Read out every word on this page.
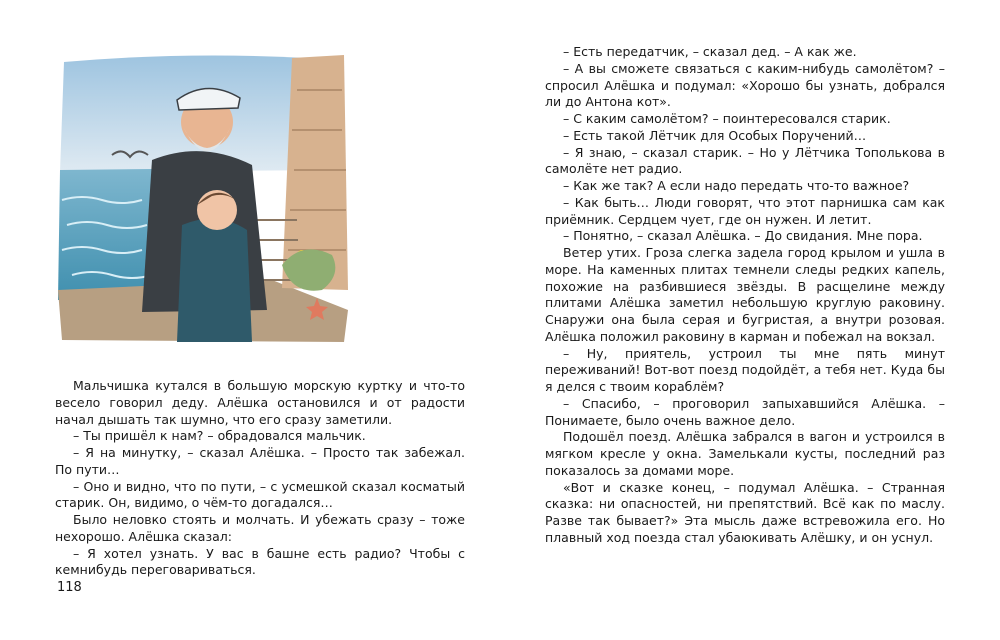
Мальчишка кутался в большую морскую куртку и что-то весело говорил деду. Алёшка остановился и от радости начал дышать так шумно, что его сразу заметили.

– Ты пришёл к нам? – обрадовался мальчик.

– Я на минутку, – сказал Алёшка. – Просто так забежал. По пути…

– Оно и видно, что по пути, – с усмешкой сказал косматый старик. Он, видимо, о чём-то догадался…

Было неловко стоять и молчать. И убежать сразу – тоже нехорошо. Алёшка сказал:

– Я хотел узнать. У вас в башне есть радио? Чтобы с кемнибудь переговариваться.

– Есть передатчик, – сказал дед. – А как же.

– А вы сможете связаться с каким-нибудь самолётом? – спросил Алёшка и подумал: «Хорошо бы узнать, добрался ли до Антона кот».

– С каким самолётом? – поинтересовался старик.

– Есть такой Лётчик для Особых Поручений…

– Я знаю, – сказал старик. – Но у Лётчика Тополькова в самолёте нет радио.

– Как же так? А если надо передать что-то важное?

– Как быть… Люди говорят, что этот парнишка сам как приёмник. Сердцем чует, где он нужен. И летит.

– Понятно, – сказал Алёшка. – До свидания. Мне пора.

Ветер утих. Гроза слегка задела город крылом и ушла в море. На каменных плитах темнели следы редких капель, похожие на разбившиеся звёзды. В расщелине между плитами Алёшка заметил небольшую круглую раковину. Снаружи она была серая и бугристая, а внутри розовая. Алёшка положил раковину в карман и побежал на вокзал.

– Ну, приятель, устроил ты мне пять минут переживаний! Вот-вот поезд подойдёт, а тебя нет. Куда бы я делся с твоим кораблём?

– Спасибо, – проговорил запыхавшийся Алёшка. – Понимаете, было очень важное дело.

Подошёл поезд. Алёшка забрался в вагон и устроился в мягком кресле у окна. Замелькали кусты, последний раз показалось за домами море.

«Вот и сказке конец, – подумал Алёшка. – Странная сказка: ни опасностей, ни препятствий. Всё как по маслу. Разве так бывает?» Эта мысль даже встревожила его. Но плавный ход поезда стал убаюкивать Алёшку, и он уснул.

118
